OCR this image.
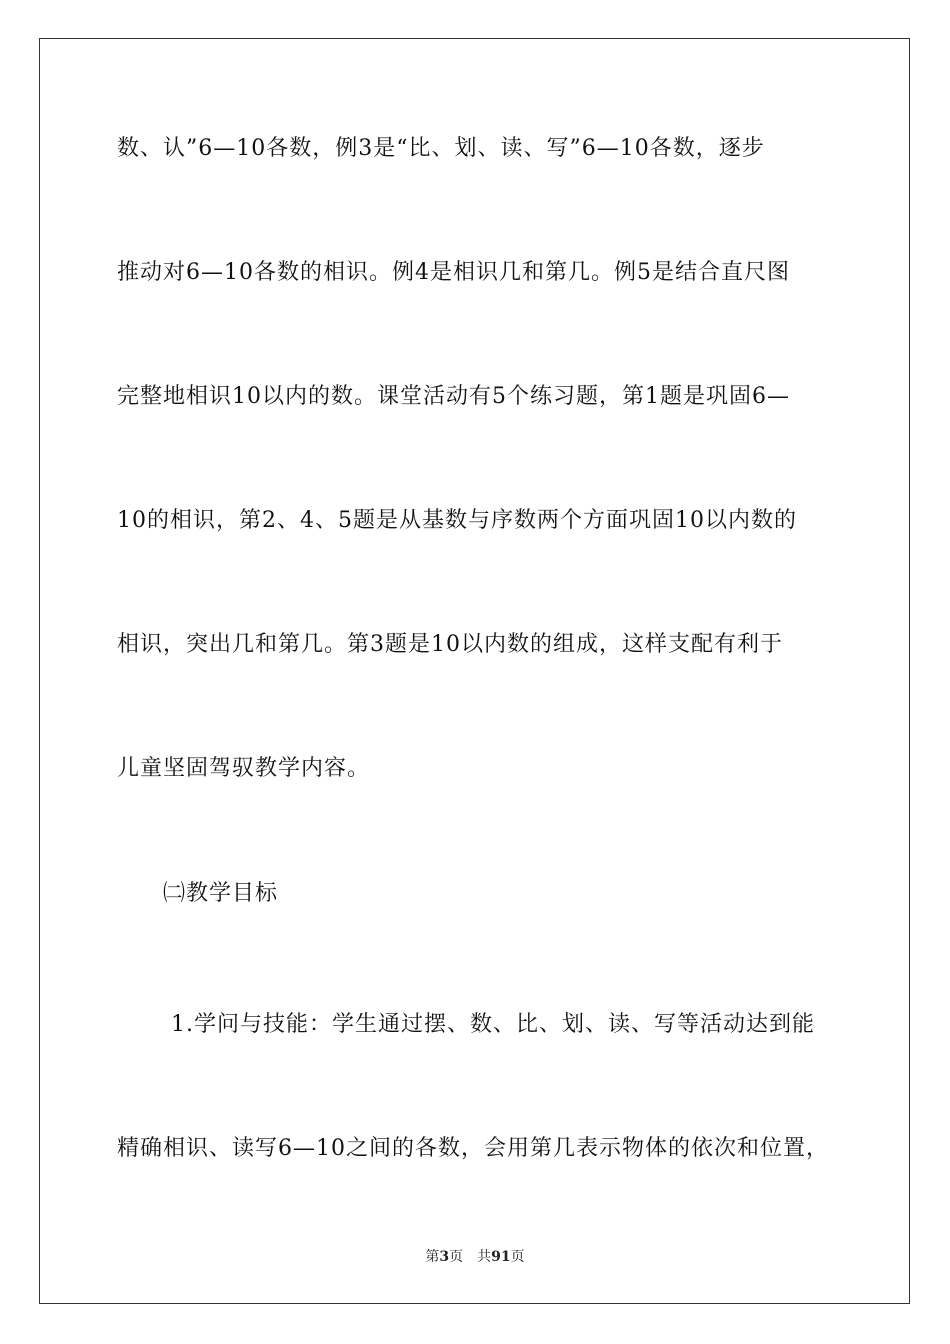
数、认”6—10各数，例3是“比、划、读、写”6—10各数，逐步
推动对6—10各数的相识。例4是相识几和第几。例5是结合直尺图
完整地相识10以内的数。课堂活动有5个练习题，第1题是巩固6—
10的相识，第2、4、5题是从基数与序数两个方面巩固10以内数的
相识，突出几和第几。第3题是10以内数的组成，这样支配有利于
儿童坚固驾驭教学内容。
㈡教学目标
1.学问与技能：学生通过摆、数、比、划、读、写等活动达到能
精确相识、读写6—10之间的各数，会用第几表示物体的依次和位置，
第3页 共91页
